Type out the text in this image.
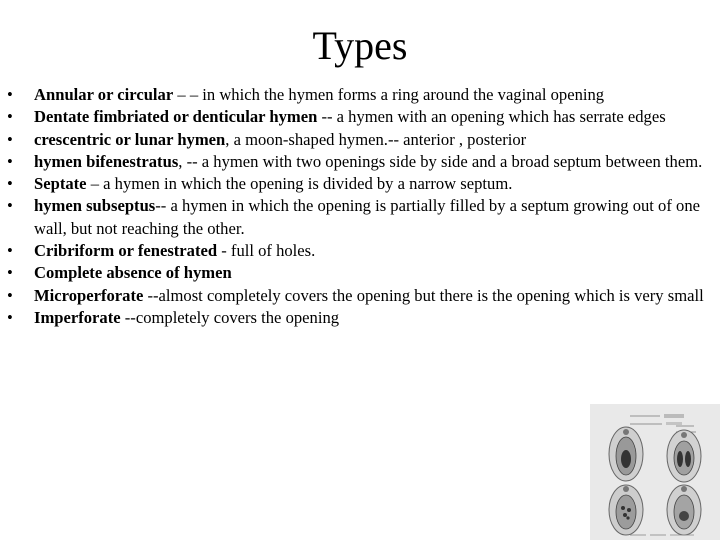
Types
• Annular or circular – – in which the hymen forms a ring around the vaginal opening
• Dentate fimbriated or denticular hymen -- a hymen with an opening which has serrate edges
• crescentric or lunar hymen, a moon-shaped hymen.-- anterior , posterior
• hymen bifenestratus, -- a hymen with two openings side by side and a broad septum between them.
• Septate – a hymen in which the opening is divided by a narrow septum.
• hymen subseptus-- a hymen in which the opening is partially filled by a septum growing out of one wall, but not reaching the other.
• Cribriform or fenestrated - full of holes.
• Complete absence of hymen
• Microperforate --almost completely covers the opening but there is the opening which is very small
• Imperforate --completely covers the opening
